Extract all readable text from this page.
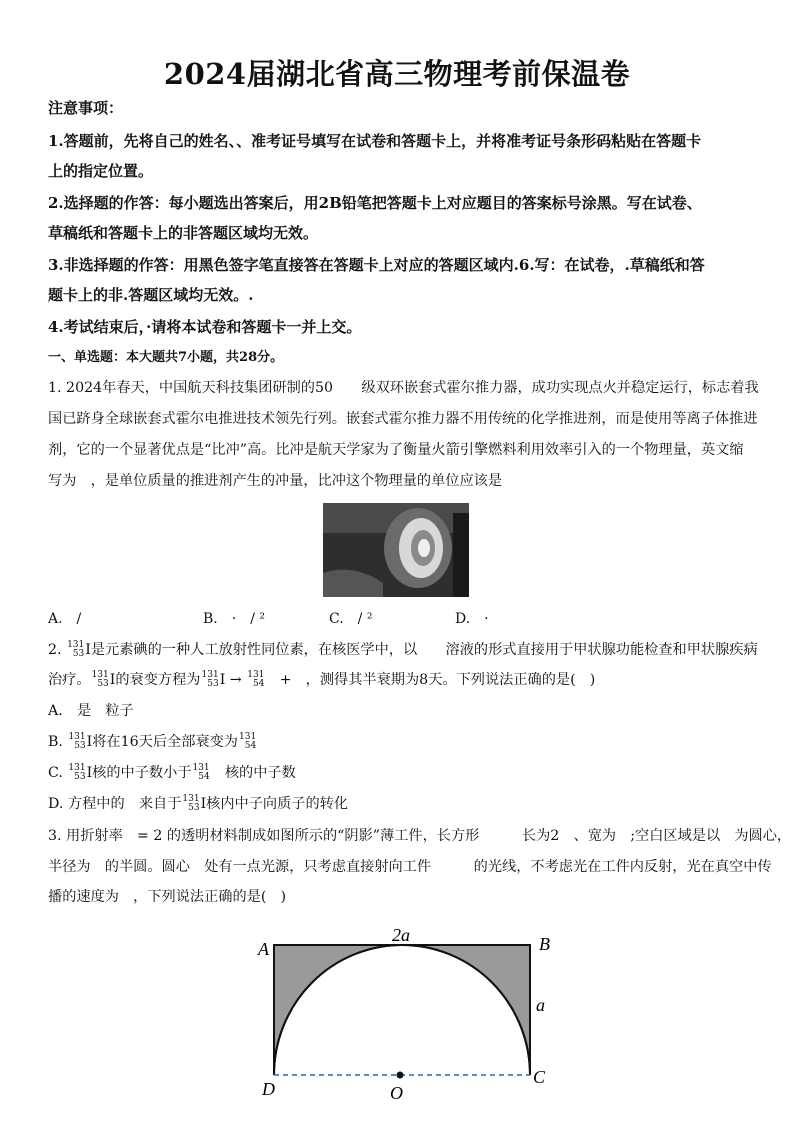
2024届湖北省高三物理考前保温卷
注意事项：
1.答题前，先将自己的姓名、、准考证号填写在试卷和答题卡上，并将准考证号条形码粘贴在答题卡
上的指定位置。
2.选择题的作答：每小题选出答案后，用2B铅笔把答题卡上对应题目的答案标号涂黑。写在试卷、
草稿纸和答题卡上的非答题区域均无效。
3.非选择题的作答：用黑色签字笔直接答在答题卡上对应的答题区域内.6.写：在试卷，.草稿纸和答
题卡上的非.答题区域均无效。.
4.考试结束后，·请将本试卷和答题卡一并上交。
一、单选题：本大题共7小题，共28分。
1. 2024年春天，中国航天科技集团研制的50　　级双环嵌套式霍尔推力器，成功实现点火并稳定运行，标志着我
国已跻身全球嵌套式霍尔电推进技术领先行列。嵌套式霍尔推力器不用传统的化学推进剂，而是使用等离子体推进
剂，它的一个显著优点是“比冲”高。比冲是航天学家为了衡量火箭引擎燃料利用效率引入的一个物理量，英文缩
写为　，是单位质量的推进剂产生的冲量，比冲这个物理量的单位应该是
A.　/	B.　·　/ ²	C.　/ ²	D.　·
2. 131
53 I是元素碘的一种人工放射性同位素，在核医学中，以　　溶液的形式直接用于甲状腺功能检查和甲状腺疾病
治疗。 131
53 I的衰变方程为 131
53 I → 131
54 　+　，测得其半衰期为8天。下列说法正确的是(　)
A.　是　粒子
B. 131
53 I将在16天后全部衰变为 131
54
C. 131
53 I核的中子数小于 131
54 　核的中子数
D. 方程中的　来自于 131
53 I核内中子向质子的转化
3. 用折射率　= 2 的透明材料制成如图所示的“阴影”薄工件，长方形　　　长为2　、宽为　;空白区域是以　为圆心，
半径为　的半圆。圆心　处有一点光源，只考虑直接射向工件　　　的光线，不考虑光在工件内反射，光在真空中传
播的速度为　，下列说法正确的是(　)
A	B
C
D	O
2a
a
